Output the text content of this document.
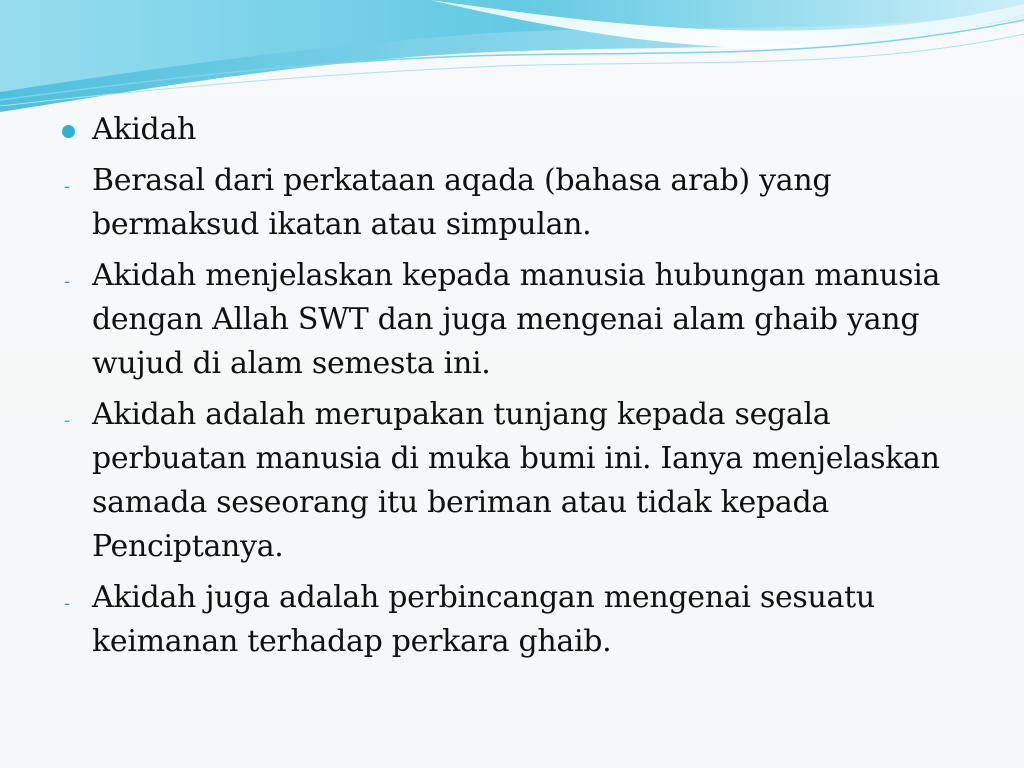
Akidah
- Berasal dari perkataan aqada (bahasa arab) yang bermaksud ikatan atau simpulan.
- Akidah menjelaskan kepada manusia hubungan manusia dengan Allah SWT dan juga mengenai alam ghaib yang wujud di alam semesta ini.
- Akidah adalah merupakan tunjang kepada segala perbuatan manusia di muka bumi ini. Ianya menjelaskan samada seseorang itu beriman atau tidak kepada Penciptanya.
- Akidah juga adalah perbincangan mengenai sesuatu keimanan terhadap perkara ghaib.
